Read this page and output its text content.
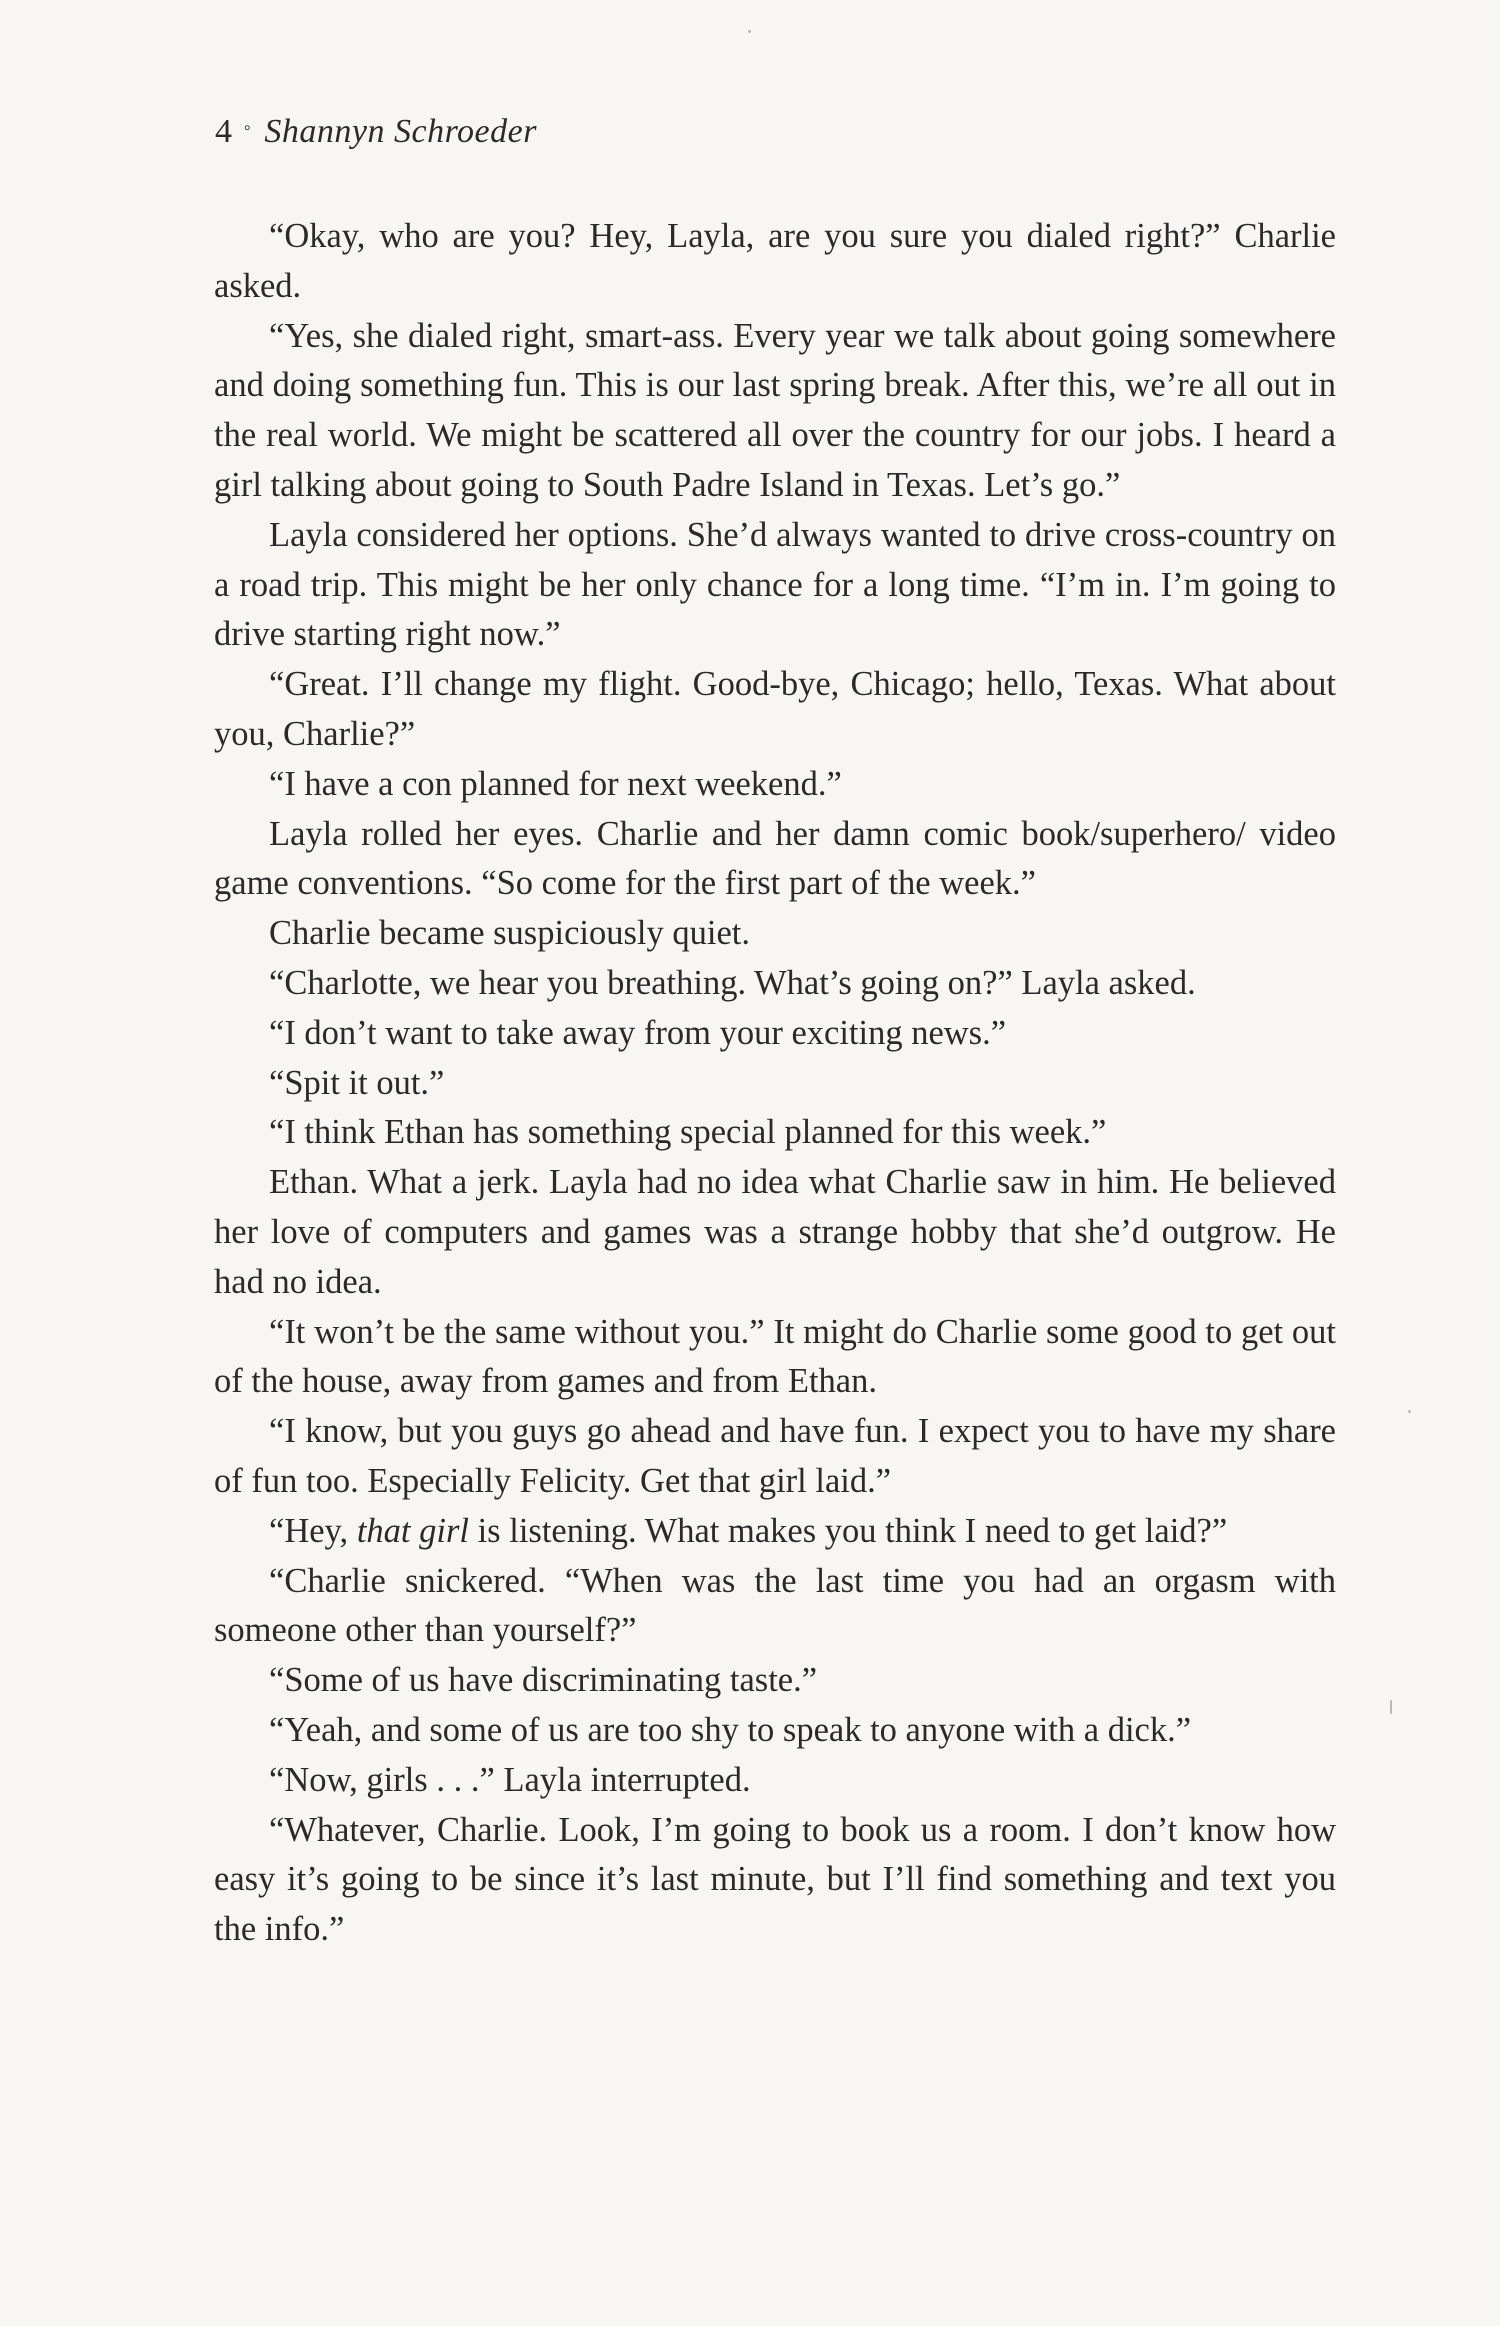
4 ° Shannyn Schroeder

“Okay, who are you? Hey, Layla, are you sure you dialed right?” Charlie asked.

“Yes, she dialed right, smart-ass. Every year we talk about going somewhere and doing something fun. This is our last spring break. After this, we’re all out in the real world. We might be scattered all over the country for our jobs. I heard a girl talking about going to South Padre Island in Texas. Let’s go.”

Layla considered her options. She’d always wanted to drive cross-country on a road trip. This might be her only chance for a long time. “I’m in. I’m going to drive starting right now.”

“Great. I’ll change my flight. Good-bye, Chicago; hello, Texas. What about you, Charlie?”

“I have a con planned for next weekend.”

Layla rolled her eyes. Charlie and her damn comic book/superhero/ video game conventions. “So come for the first part of the week.”

Charlie became suspiciously quiet.

“Charlotte, we hear you breathing. What’s going on?” Layla asked.

“I don’t want to take away from your exciting news.”

“Spit it out.”

“I think Ethan has something special planned for this week.”

Ethan. What a jerk. Layla had no idea what Charlie saw in him. He believed her love of computers and games was a strange hobby that she’d outgrow. He had no idea.

“It won’t be the same without you.” It might do Charlie some good to get out of the house, away from games and from Ethan.

“I know, but you guys go ahead and have fun. I expect you to have my share of fun too. Especially Felicity. Get that girl laid.”

“Hey, that girl is listening. What makes you think I need to get laid?”

“Charlie snickered. “When was the last time you had an orgasm with someone other than yourself?”

“Some of us have discriminating taste.”

“Yeah, and some of us are too shy to speak to anyone with a dick.”

“Now, girls . . .” Layla interrupted.

“Whatever, Charlie. Look, I’m going to book us a room. I don’t know how easy it’s going to be since it’s last minute, but I’ll find something and text you the info.”
